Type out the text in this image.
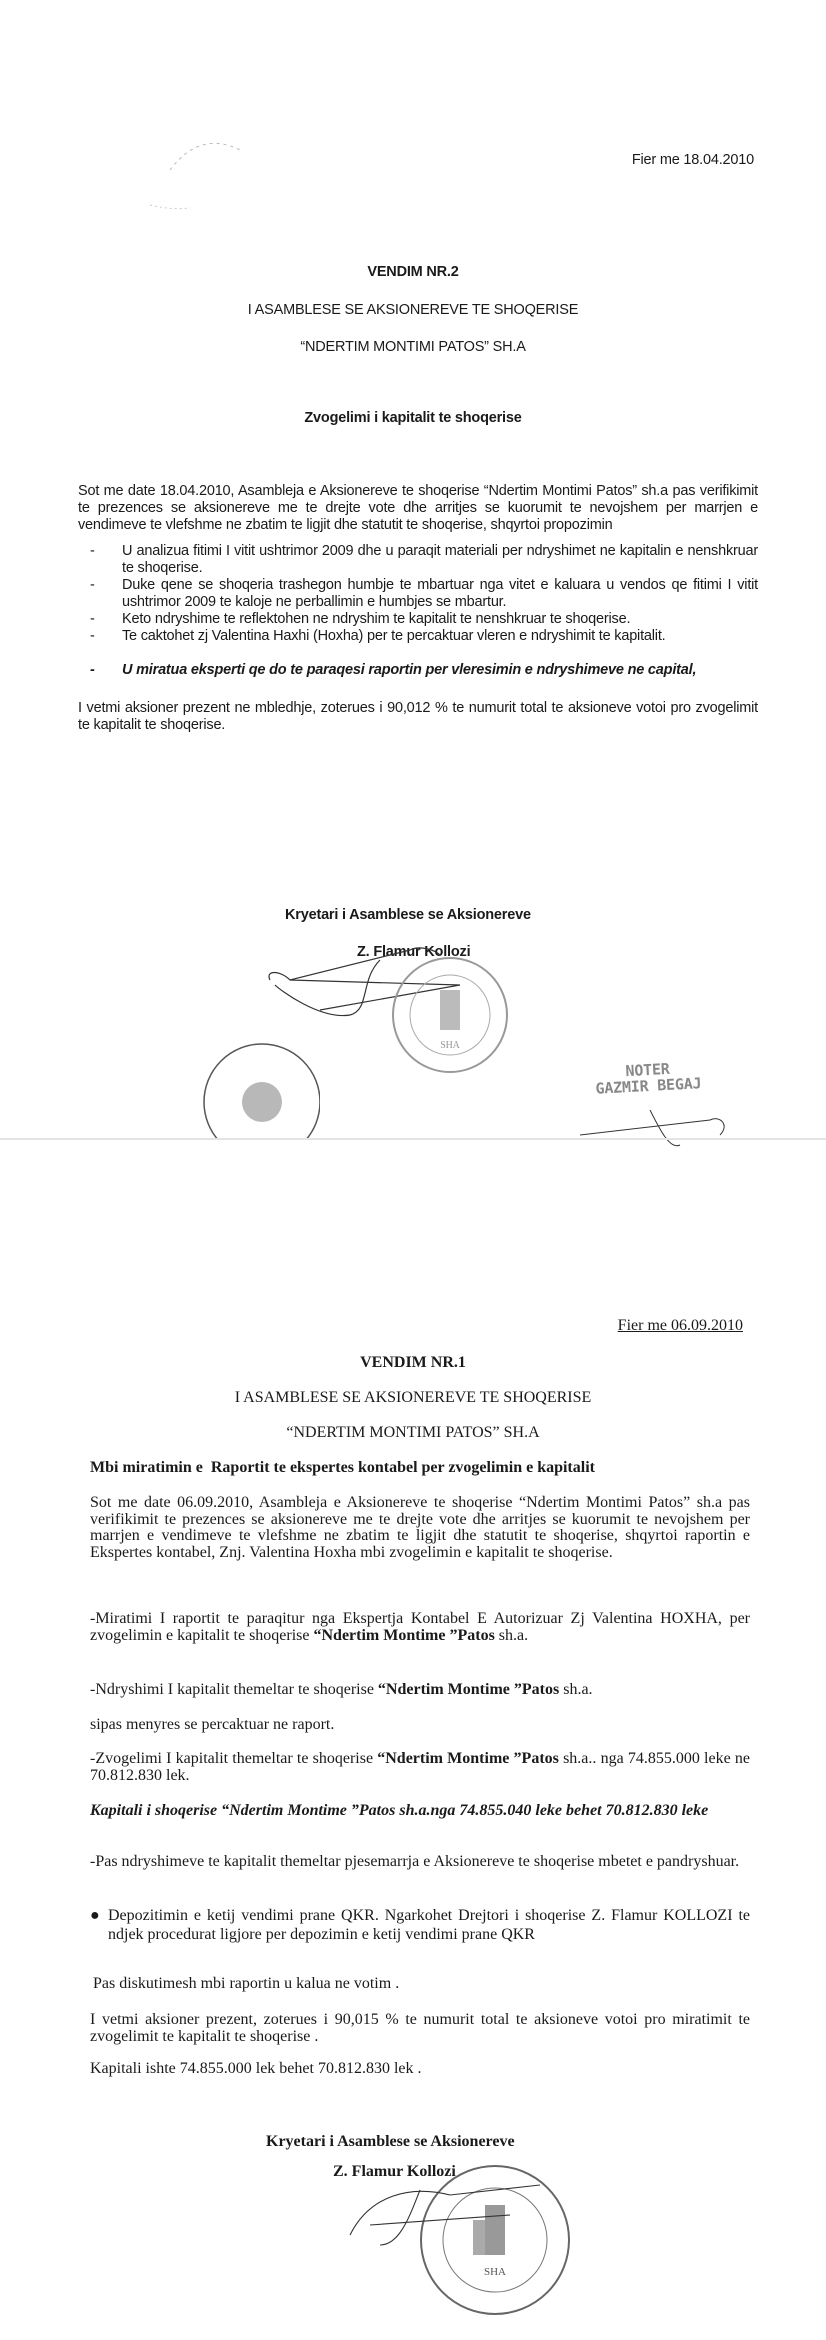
Fier me 18.04.2010
VENDIM NR.2
I ASAMBLESE SE AKSIONEREVE TE SHOQERISE
“NDERTIM MONTIMI PATOS” SH.A
Zvogelimi i kapitalit te shoqerise
Sot me date 18.04.2010, Asambleja e Aksionereve te shoqerise “Ndertim Montimi Patos” sh.a pas verifikimit te prezences se aksionereve me te drejte vote dhe arritjes se kuorumit te nevojshem per marrjen e vendimeve te vlefshme ne zbatim te ligjit dhe statutit te shoqerise, shqyrtoi propozimin
- U analizua fitimi I vitit ushtrimor 2009 dhe u paraqit materiali per ndryshimet ne kapitalin e nenshkruar te shoqerise.
- Duke qene se shoqeria trashegon humbje te mbartuar nga vitet e kaluara u vendos qe fitimi I vitit ushtrimor 2009 te kaloje ne perballimin e humbjes se mbartur.
- Keto ndryshime te reflektohen ne ndryshim te kapitalit te nenshkruar te shoqerise.
- Te caktohet zj Valentina Haxhi (Hoxha) per te percaktuar vleren e ndryshimit te kapitalit.
- U miratua eksperti qe do te paraqesi raportin per vleresimin e ndryshimeve ne capital,
I vetmi aksioner prezent ne mbledhje, zoterues i 90,012 % te numurit total te aksioneve votoi pro zvogelimit te kapitalit te shoqerise.
Kryetari i Asamblese se Aksionereve
Z. Flamur Kollozi
SHA
NOTER
GAZMIR BEGAJ
Fier me 06.09.2010
VENDIM NR.1
I ASAMBLESE SE AKSIONEREVE TE SHOQERISE
“NDERTIM MONTIMI PATOS” SH.A
Mbi miratimin e  Raportit te ekspertes kontabel per zvogelimin e kapitalit
Sot me date 06.09.2010, Asambleja e Aksionereve te shoqerise “Ndertim Montimi Patos” sh.a pas verifikimit te prezences se aksionereve me te drejte vote dhe arritjes se kuorumit te nevojshem per marrjen e vendimeve te vlefshme ne zbatim te ligjit dhe statutit te shoqerise, shqyrtoi raportin e Ekspertes kontabel, Znj. Valentina Hoxha mbi zvogelimin e kapitalit te shoqerise.
-Miratimi I raportit te paraqitur nga Ekspertja Kontabel E Autorizuar Zj Valentina HOXHA, per zvogelimin e kapitalit te shoqerise “Ndertim Montime ”Patos sh.a.
-Ndryshimi I kapitalit themeltar te shoqerise “Ndertim Montime ”Patos sh.a.
sipas menyres se percaktuar ne raport.
-Zvogelimi I kapitalit themeltar te shoqerise “Ndertim Montime ”Patos sh.a.. nga 74.855.000 leke ne 70.812.830 lek.
Kapitali i shoqerise “Ndertim Montime ”Patos sh.a.nga 74.855.040 leke behet 70.812.830 leke
-Pas ndryshimeve te kapitalit themeltar pjesemarrja e Aksionereve te shoqerise mbetet e pandryshuar.
● Depozitimin e ketij vendimi prane QKR. Ngarkohet Drejtori i shoqerise Z. Flamur KOLLOZI te ndjek procedurat ligjore per depozimin e ketij vendimi prane QKR
Pas diskutimesh mbi raportin u kalua ne votim .
I vetmi aksioner prezent, zoterues i 90,015 % te numurit total te aksioneve votoi pro miratimit te zvogelimit te kapitalit te shoqerise .
Kapitali ishte 74.855.000 lek behet 70.812.830 lek .
Kryetari i Asamblese se Aksionereve
Z. Flamur Kollozi
SHA
